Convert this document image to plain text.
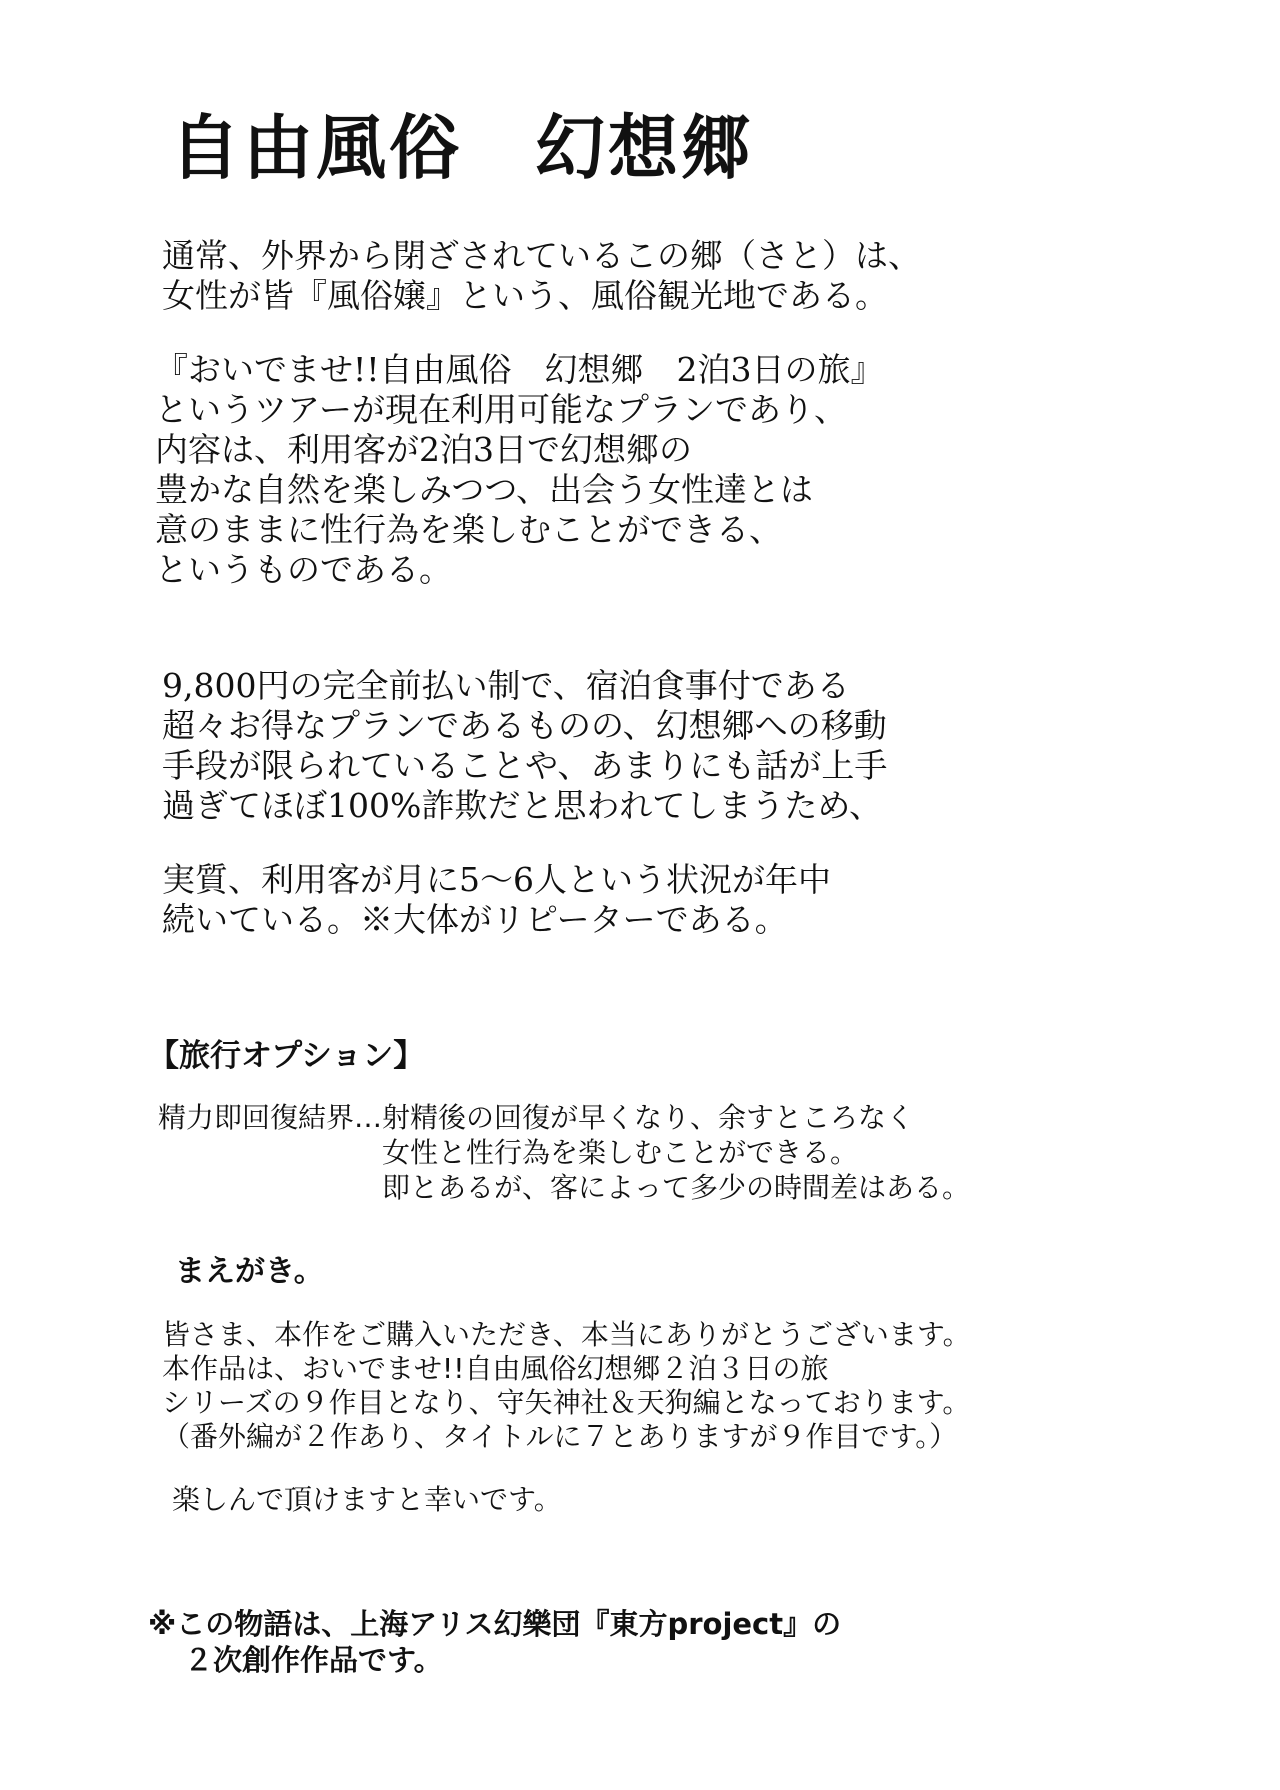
自由風俗　幻想郷
通常、外界から閉ざされているこの郷（さと）は、
女性が皆『風俗嬢』という、風俗観光地である。
『おいでませ!!自由風俗　幻想郷　2泊3日の旅』
というツアーが現在利用可能なプランであり、
内容は、利用客が2泊3日で幻想郷の
豊かな自然を楽しみつつ、出会う女性達とは
意のままに性行為を楽しむことができる、
というものである。
9,800円の完全前払い制で、宿泊食事付である
超々お得なプランであるものの、幻想郷への移動
手段が限られていることや、あまりにも話が上手
過ぎてほぼ100%詐欺だと思われてしまうため、
実質、利用客が月に5〜6人という状況が年中
続いている。※大体がリピーターである。
【旅行オプション】
精力即回復結界… 射精後の回復が早くなり、余すところなく
女性と性行為を楽しむことができる。
即とあるが、客によって多少の時間差はある。
まえがき。
皆さま、本作をご購入いただき、本当にありがとうございます。
本作品は、おいでませ!!自由風俗幻想郷２泊３日の旅
シリーズの９作目となり、守矢神社＆天狗編となっております。
（番外編が２作あり、タイトルに７とありますが９作目です。）
楽しんで頂けますと幸いです。
※この物語は、上海アリス幻樂団『東方project』の
２次創作作品です。
